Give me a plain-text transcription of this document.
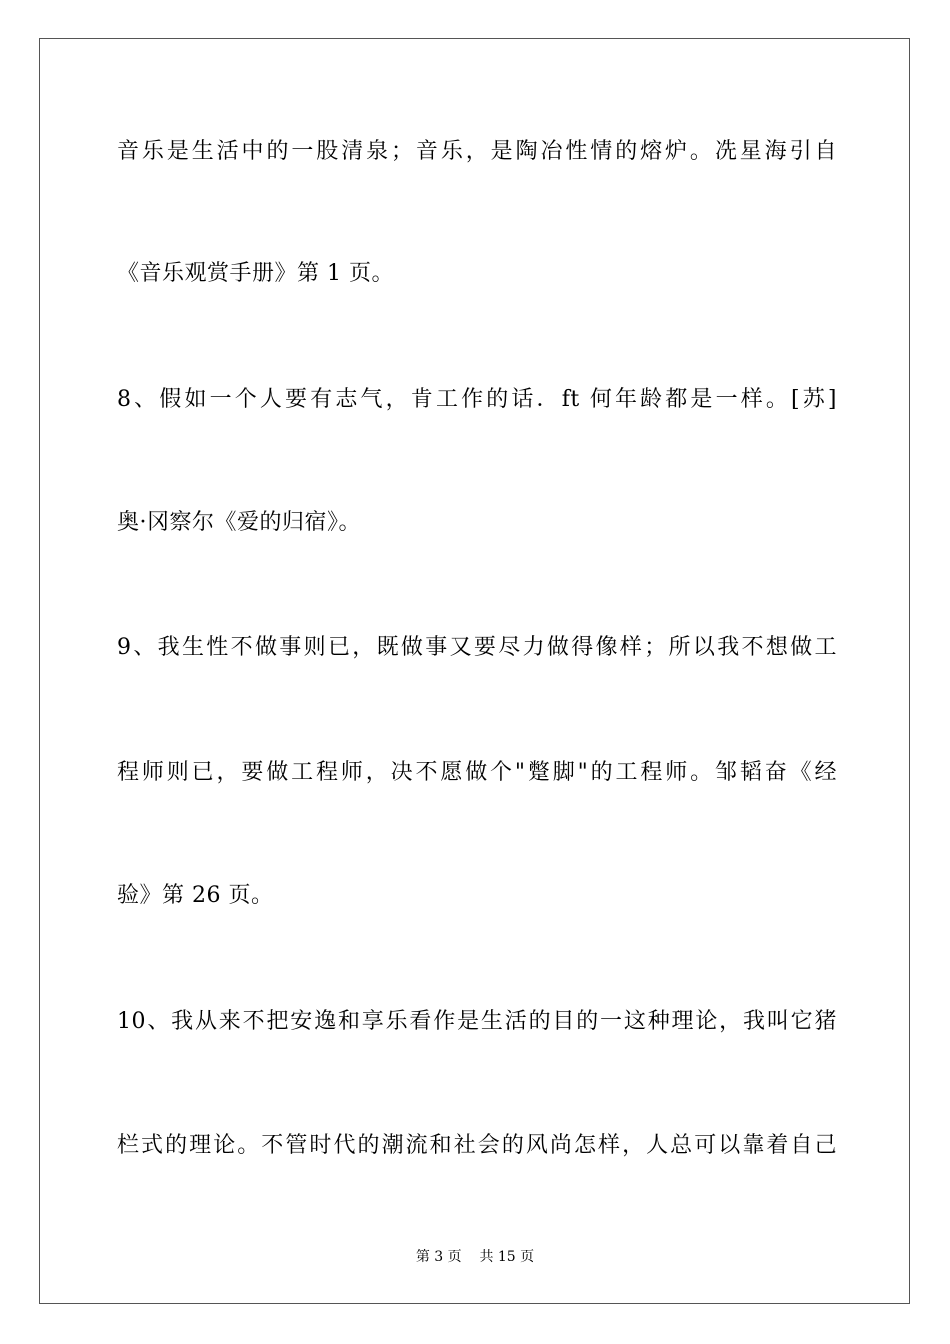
音乐是生活中的一股清泉；音乐，是陶冶性情的熔炉。冼星海引自
《音乐观赏手册》第 1 页。
8、假如一个人要有志气，肯工作的话．ft 何年龄都是一样。[苏]
奥·冈察尔《爱的归宿》。
9、我生性不做事则已，既做事又要尽力做得像样；所以我不想做工
程师则已，要做工程师，决不愿做个"蹩脚"的工程师。邹韬奋《经
验》第 26 页。
10、我从来不把安逸和享乐看作是生活的目的一这种理论，我叫它猪
栏式的理论。不管时代的潮流和社会的风尚怎样，人总可以靠着自己
第 3 页 共 15 页
